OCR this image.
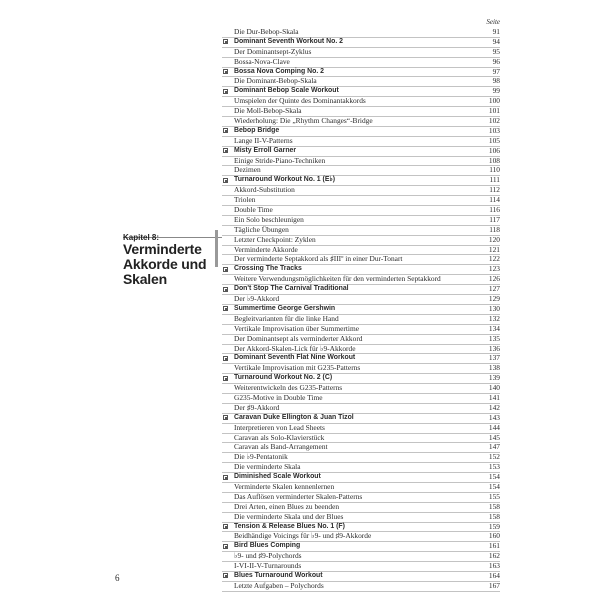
Seite
Kapitel 8:
Verminderte
Akkorde und Skalen
Die Dur-Bebop-Skala	91
Dominant Seventh Workout No. 2	94
Der Dominantsept-Zyklus	95
Bossa-Nova-Clave	96
Bossa Nova Comping No. 2	97
Die Dominant-Bebop-Skala	98
Dominant Bebop Scale Workout	99
Umspielen der Quinte des Dominantakkords	100
Die Moll-Bebop-Skala	101
Wiederholung: Die „Rhythm Changes“-Bridge	102
Bebop Bridge	103
Lange II-V-Patterns	105
Misty Erroll Garner	106
Einige Stride-Piano-Techniken	108
Dezimen	110
Turnaround Workout No. 1 (E♭)	111
Akkord-Substitution	112
Triolen	114
Double Time	116
Ein Solo beschleunigen	117
Tägliche Übungen	118
Letzter Checkpoint: Zyklen	120
Verminderte Akkorde	121
Der verminderte Septakkord als ♯IIIº in einer Dur-Tonart	122
Crossing The Tracks	123
Weitere Verwendungsmöglichkeiten für den verminderten Septakkord	126
Don't Stop The Carnival Traditional	127
Der ♭9-Akkord	129
Summertime George Gershwin	130
Begleitvarianten für die linke Hand	132
Vertikale Improvisation über Summertime	134
Der Dominantsept als verminderter Akkord	135
Der Akkord-Skalen-Lick für ♭9-Akkorde	136
Dominant Seventh Flat Nine Workout	137
Vertikale Improvisation mit G235-Patterns	138
Turnaround Workout No. 2 (C)	139
Weiterentwickeln des G235-Patterns	140
G235-Motive in Double Time	141
Der ♯9-Akkord	142
Caravan Duke Ellington & Juan Tizol	143
Interpretieren von Lead Sheets	144
Caravan als Solo-Klavierstück	145
Caravan als Band-Arrangement	147
Die ♭9-Pentatonik	152
Die verminderte Skala	153
Diminished Scale Workout	154
Verminderte Skalen kennenlernen	154
Das Auflösen verminderter Skalen-Patterns	155
Drei Arten, einen Blues zu beenden	158
Die verminderte Skala und der Blues	158
Tension & Release Blues No. 1 (F)	159
Beidhändige Voicings für ♭9- und ♯9-Akkorde	160
Bird Blues Comping	161
♭9- und ♯9-Polychords	162
I-VI-II-V-Turnarounds	163
Blues Turnaround Workout	164
Letzte Aufgaben – Polychords	167
6
